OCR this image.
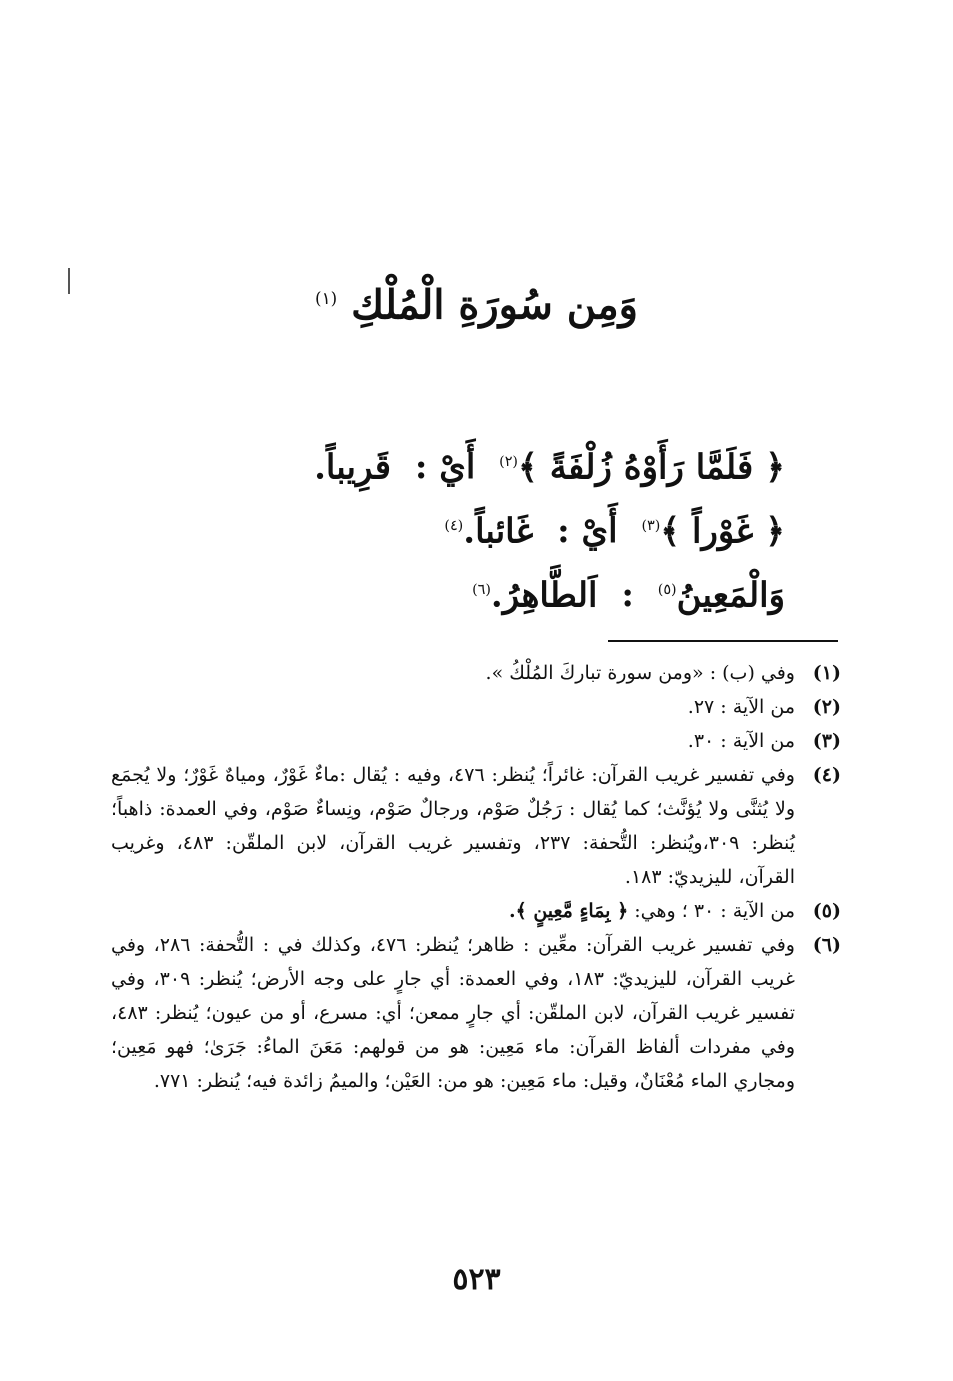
وَمِن سُورَةِ الْمُلْكِ $^{(١)}$
﴿ فَلَمَّا رَأَوْهُ زُلْفَةً ﴾$^{(٢)}$ أَيْ : قَرِيباً.
﴿ غَوْراً ﴾$^{(٣)}$ أَيْ : غَائباً.$^{(٤)}$
وَالْمَعِينُ$^{(٥)}$ : اَلطَّاهِرُ.$^{(٦)}$
(١)
وفي (ب) : «ومن سورة تباركَ المُلْكُ ».
(٢)
من الآية : ٢٧.
(٣)
من الآية : ٣٠.
(٤)
وفي تفسير غريب القرآن: غائراً؛ يُنظر: ٤٧٦، وفيه : يُقال :ماءٌ غَوْرٌ، ومياهٌ غَوْرٌ؛ ولا يُجمَع ولا يُثنَّى ولا يُؤنَّث؛ كما يُقال : رَجُلٌ صَوْم، ورجالٌ صَوْم، ونِساءٌ صَوْم، وفي العمدة: ذاهباً؛ يُنظر: ٣٠٩،ويُنظر: التُّحفة: ٢٣٧، وتفسير غريب القرآن، لابن الملقّن: ٤٨٣، وغريب القرآن، لليزيديّ: ١٨٣.
(٥)
من الآية : ٣٠ ؛ وهي: ﴿ بِمَاءٍ مَّعِينٍ ﴾.
(٦)
وفي تفسير غريب القرآن: معِّين : ظاهر؛ يُنظر: ٤٧٦، وكذلك في : التُّحفة: ٢٨٦، وفي غريب القرآن، لليزيديّ: ١٨٣، وفي العمدة: أي جارٍ على وجه الأرض؛ يُنظر: ٣٠٩، وفي تفسير غريب القرآن، لابن الملقّن: أي جارٍ ممعن؛ أي: مسرع، أو من عيون؛ يُنظر: ٤٨٣، وفي مفردات ألفاظ القرآن: ماء مَعِين: هو من قولهم: مَعَنَ الماءُ: جَرَىٰ؛ فهو مَعِين؛ ومجاري الماء مُعْنَانٌ، وقيل: ماء مَعِين: هو من: العَيْن؛ والميمُ زائدة فيه؛ يُنظر: ٧٧١.
٥٢٣
